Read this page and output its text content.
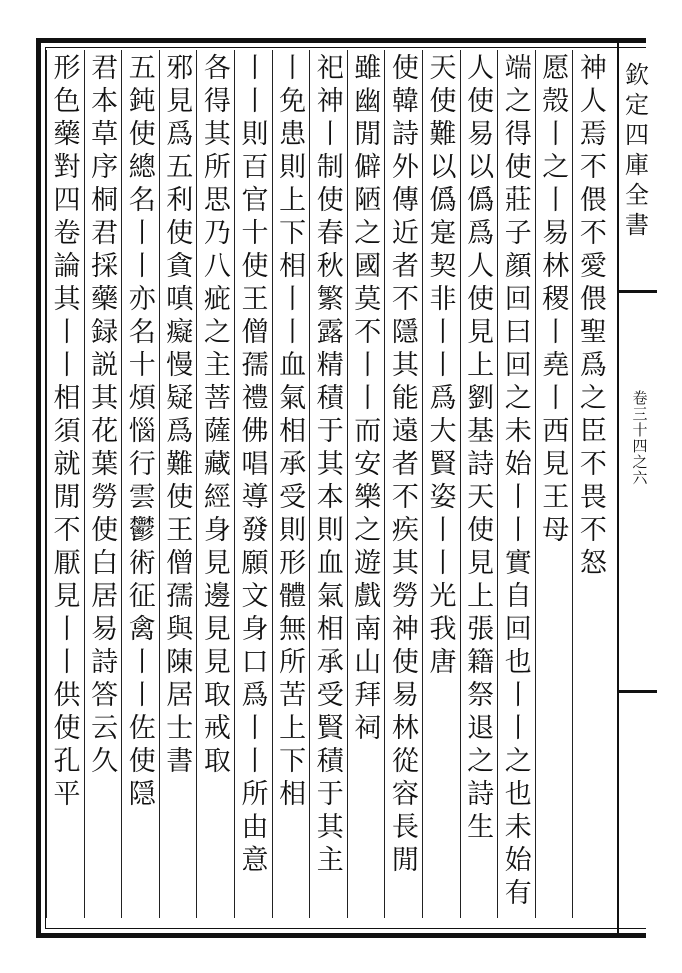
欽
定
四
庫
全
書
卷
三
十
四
之
六
神
人
焉
不
偎
不
愛
偎
聖
爲
之
臣
不
畏
不
怒
愿
殼
丨
之
丨
易
林
稷
丨
堯
丨
西
見
王
母
端
之
得
使
莊
子
顔
回
曰
回
之
未
始
丨
丨
實
自
回
也
丨
丨
之
也
未
始
有
人
使
易
以
僞
爲
人
使
見
上
劉
基
詩
天
使
見
上
張
籍
祭
退
之
詩
生
天
使
難
以
僞
寔
契
非
丨
丨
爲
大
賢
姿
丨
丨
光
我
唐
使
韓
詩
外
傳
近
者
不
隱
其
能
遠
者
不
疾
其
勞
神
使
易
林
從
容
長
閒
雖
幽
閒
僻
陋
之
國
莫
不
丨
丨
而
安
樂
之
遊
戲
南
山
拜
祠
祀
神
丨
制
使
春
秋
繁
露
精
積
于
其
本
則
血
氣
相
承
受
賢
積
于
其
主
丨
免
患
則
上
下
相
丨
丨
血
氣
相
承
受
則
形
體
無
所
苦
上
下
相
丨
丨
則
百
官
十
使
王
僧
孺
禮
佛
唱
導
發
願
文
身
口
爲
丨
丨
所
由
意
各
得
其
所
思
乃
八
疵
之
主
菩
薩
藏
經
身
見
邊
見
見
取
戒
取
邪
見
爲
五
利
使
貪
嗔
癡
慢
疑
爲
難
使
王
僧
孺
與
陳
居
士
書
五
鈍
使
總
名
丨
丨
亦
名
十
煩
惱
行
雲
鬱
術
征
禽
丨
丨
佐
使
隠
君
本
草
序
桐
君
採
藥
録
説
其
花
葉
勞
使
白
居
易
詩
答
云
久
形
色
藥
對
四
卷
論
其
丨
丨
相
須
就
閒
不
厭
見
丨
丨
供
使
孔
平
